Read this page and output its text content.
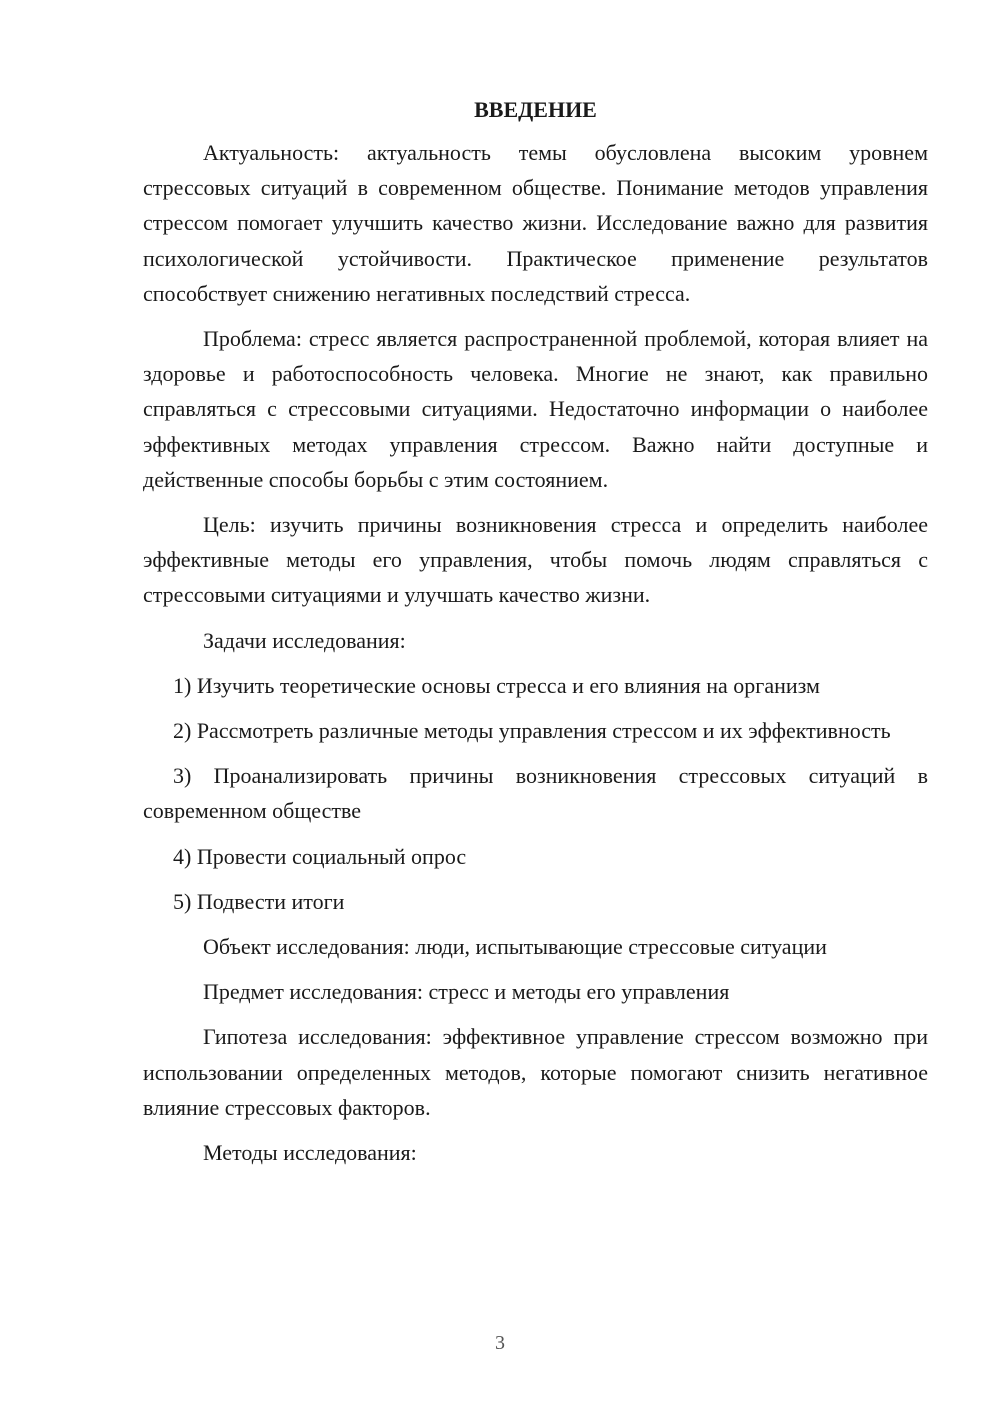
ВВЕДЕНИЕ

Актуальность: актуальность темы обусловлена высоким уровнем стрессовых ситуаций в современном обществе. Понимание методов управления стрессом помогает улучшить качество жизни. Исследование важно для развития психологической устойчивости. Практическое применение результатов способствует снижению негативных последствий стресса.

Проблема: стресс является распространенной проблемой, которая влияет на здоровье и работоспособность человека. Многие не знают, как правильно справляться с стрессовыми ситуациями. Недостаточно информации о наиболее эффективных методах управления стрессом. Важно найти доступные и действенные способы борьбы с этим состоянием.

Цель: изучить причины возникновения стресса и определить наиболее эффективные методы его управления, чтобы помочь людям справляться с стрессовыми ситуациями и улучшать качество жизни.

Задачи исследования:

1) Изучить теоретические основы стресса и его влияния на организм

2) Рассмотреть различные методы управления стрессом и их эффективность

3) Проанализировать причины возникновения стрессовых ситуаций в современном обществе

4) Провести социальный опрос

5) Подвести итоги

Объект исследования: люди, испытывающие стрессовые ситуации

Предмет исследования: стресс и методы его управления

Гипотеза исследования: эффективное управление стрессом возможно при использовании определенных методов, которые помогают снизить негативное влияние стрессовых факторов.

Методы исследования:

3
